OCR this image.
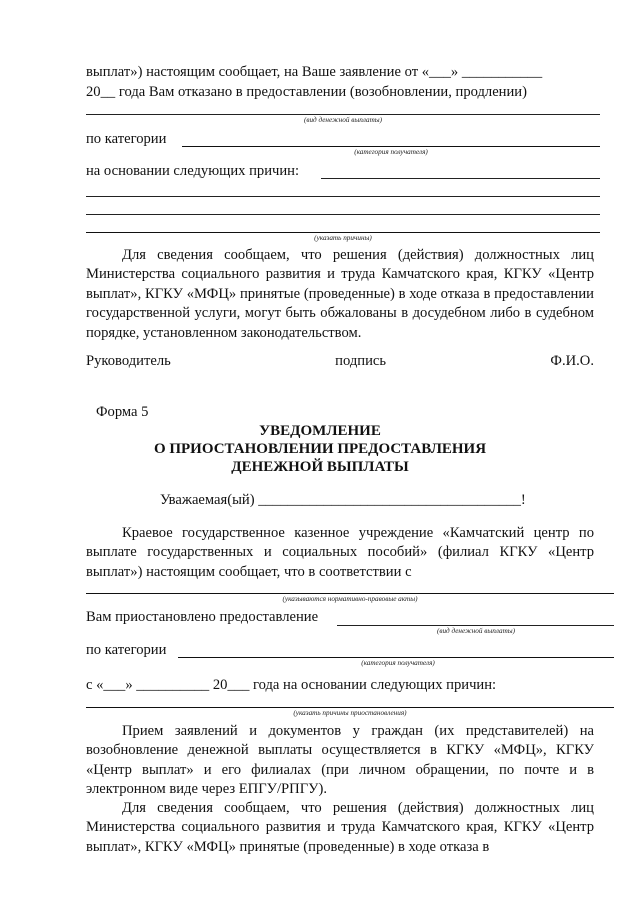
выплат») настоящим сообщает, на Ваше заявление от «___» ___________
20__ года Вам отказано в предоставлении (возобновлении, продлении)
(вид денежной выплаты)
по категории
(категория получателя)
на основании следующих причин:
(указать причины)
Для сведения сообщаем, что решения (действия) должностных лиц Министерства социального развития и труда Камчатского края, КГКУ «Центр выплат», КГКУ «МФЦ» принятые (проведенные) в ходе отказа в предоставлении государственной услуги, могут быть обжалованы в досудебном либо в судебном порядке, установленном законодательством.
Руководитель	подпись	Ф.И.О.
Форма 5
УВЕДОМЛЕНИЕ
О ПРИОСТАНОВЛЕНИИ ПРЕДОСТАВЛЕНИЯ
ДЕНЕЖНОЙ ВЫПЛАТЫ
Уважаемая(ый) ____________________________________!
Краевое государственное казенное учреждение «Камчатский центр по выплате государственных и социальных пособий» (филиал КГКУ «Центр выплат») настоящим сообщает, что в соответствии с
(указываются нормативно-правовые акты)
Вам приостановлено предоставление
(вид денежной выплаты)
по категории
(категория получателя)
с «___» __________ 20___ года на основании следующих причин:
(указать причины приостановления)
Прием заявлений и документов у граждан (их представителей) на возобновление денежной выплаты осуществляется в КГКУ «МФЦ», КГКУ «Центр выплат» и его филиалах (при личном обращении, по почте и в электронном виде через ЕПГУ/РПГУ).
Для сведения сообщаем, что решения (действия) должностных лиц Министерства социального развития и труда Камчатского края, КГКУ «Центр выплат», КГКУ «МФЦ» принятые (проведенные) в ходе отказа в
